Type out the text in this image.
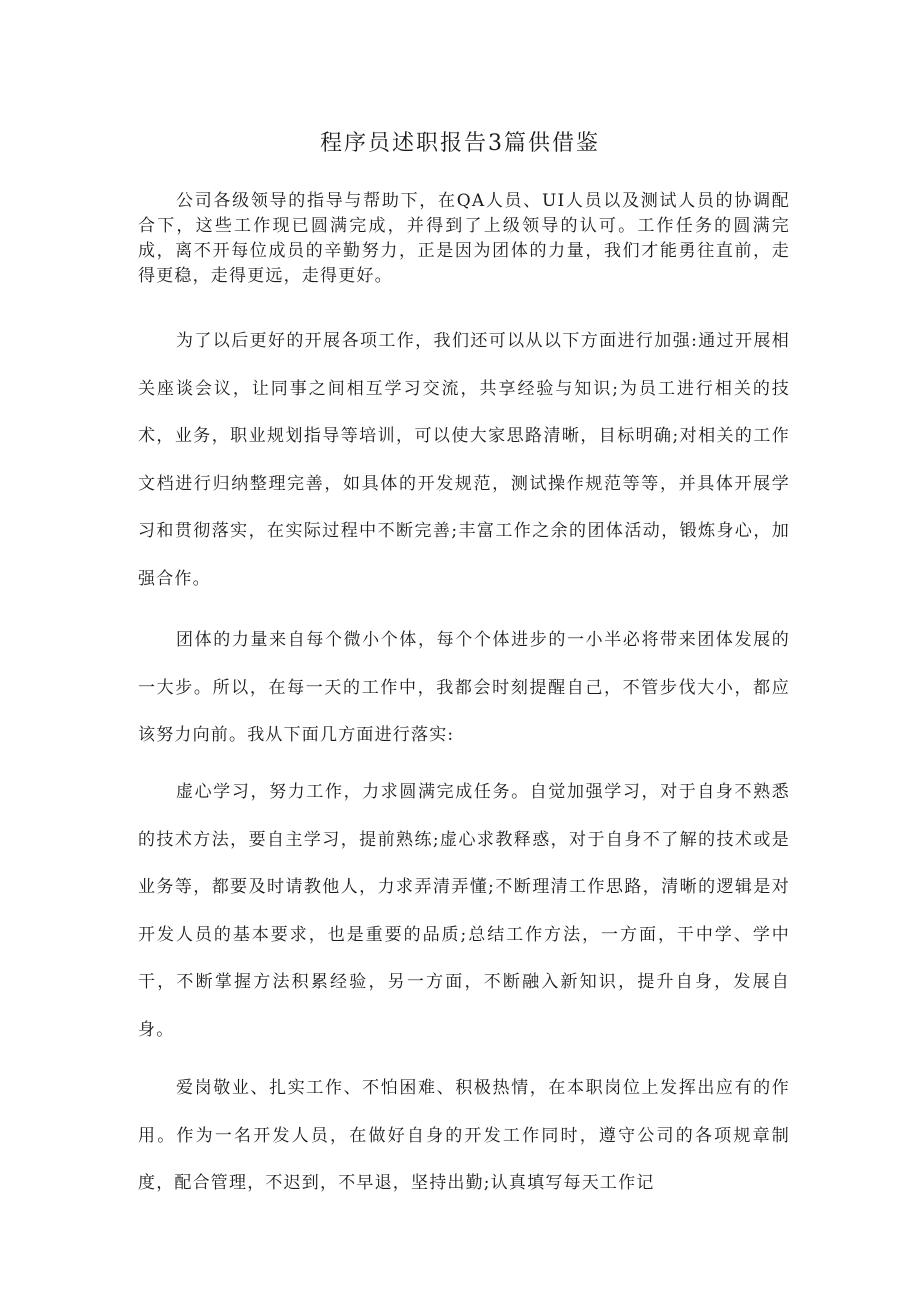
程序员述职报告3篇供借鉴

公司各级领导的指导与帮助下，在QA人员、UI人员以及测试人员的协调配合下，这些工作现已圆满完成，并得到了上级领导的认可。工作任务的圆满完成，离不开每位成员的辛勤努力，正是因为团体的力量，我们才能勇往直前，走得更稳，走得更远，走得更好。

为了以后更好的开展各项工作，我们还可以从以下方面进行加强:通过开展相关座谈会议，让同事之间相互学习交流，共享经验与知识;为员工进行相关的技术，业务，职业规划指导等培训，可以使大家思路清晰，目标明确;对相关的工作文档进行归纳整理完善，如具体的开发规范，测试操作规范等等，并具体开展学习和贯彻落实，在实际过程中不断完善;丰富工作之余的团体活动，锻炼身心，加强合作。

团体的力量来自每个微小个体，每个个体进步的一小半必将带来团体发展的一大步。所以，在每一天的工作中，我都会时刻提醒自己，不管步伐大小，都应该努力向前。我从下面几方面进行落实:

虚心学习，努力工作，力求圆满完成任务。自觉加强学习，对于自身不熟悉的技术方法，要自主学习，提前熟练;虚心求教释惑，对于自身不了解的技术或是业务等，都要及时请教他人，力求弄清弄懂;不断理清工作思路，清晰的逻辑是对开发人员的基本要求，也是重要的品质;总结工作方法，一方面，干中学、学中干，不断掌握方法积累经验，另一方面，不断融入新知识，提升自身，发展自身。

爱岗敬业、扎实工作、不怕困难、积极热情，在本职岗位上发挥出应有的作用。作为一名开发人员，在做好自身的开发工作同时，遵守公司的各项规章制度，配合管理，不迟到，不早退，坚持出勤;认真填写每天工作记
